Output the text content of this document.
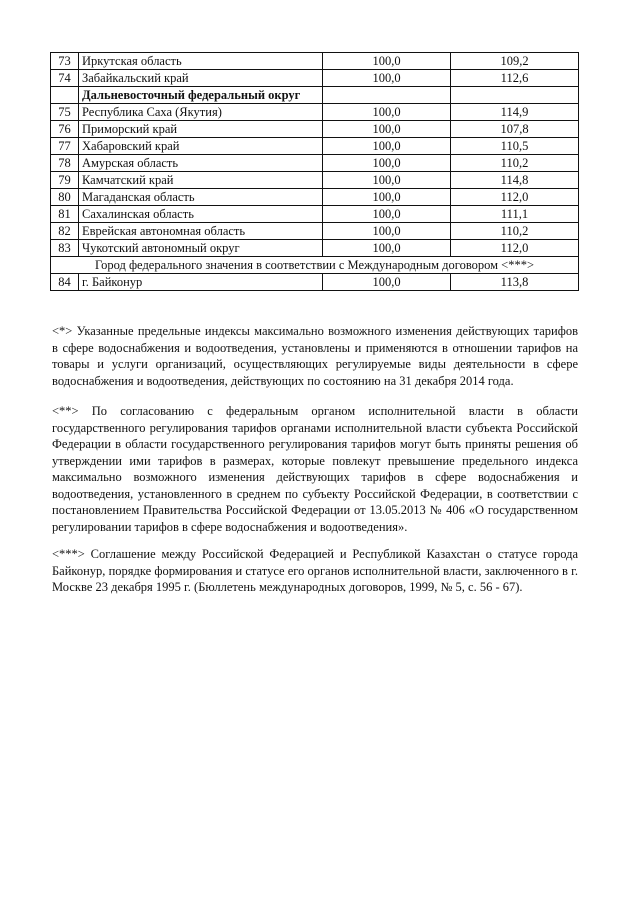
73	Иркутская область	100,0	109,2
74	Забайкальский край	100,0	112,6
	Дальневосточный федеральный округ		
75	Республика Саха (Якутия)	100,0	114,9
76	Приморский край	100,0	107,8
77	Хабаровский край	100,0	110,5
78	Амурская область	100,0	110,2
79	Камчатский край	100,0	114,8
80	Магаданская область	100,0	112,0
81	Сахалинская область	100,0	111,1
82	Еврейская автономная область	100,0	110,2
83	Чукотский автономный округ	100,0	112,0
Город федерального значения в соответствии с Международным договором <***>			
84	г. Байконур	100,0	113,8

<*> Указанные предельные индексы максимально возможного изменения действующих тарифов в сфере водоснабжения и водоотведения, установлены и применяются в отношении тарифов на товары и услуги организаций, осуществляющих регулируемые виды деятельности в сфере водоснабжения и водоотведения, действующих по состоянию на 31 декабря 2014 года.

<**> По согласованию с федеральным органом исполнительной власти в области государственного регулирования тарифов органами исполнительной власти субъекта Российской Федерации в области государственного регулирования тарифов могут быть приняты решения об утверждении ими тарифов в размерах, которые повлекут превышение предельного индекса максимально возможного изменения действующих тарифов в сфере водоснабжения и водоотведения, установленного в среднем по субъекту Российской Федерации, в соответствии с постановлением Правительства Российской Федерации от 13.05.2013 № 406 «О государственном регулировании тарифов в сфере водоснабжения и водоотведения».

<***> Соглашение между Российской Федерацией и Республикой Казахстан о статусе города Байконур, порядке формирования и статусе его органов исполнительной власти, заключенного в г. Москве 23 декабря 1995 г. (Бюллетень международных договоров, 1999, № 5, с. 56 - 67).
